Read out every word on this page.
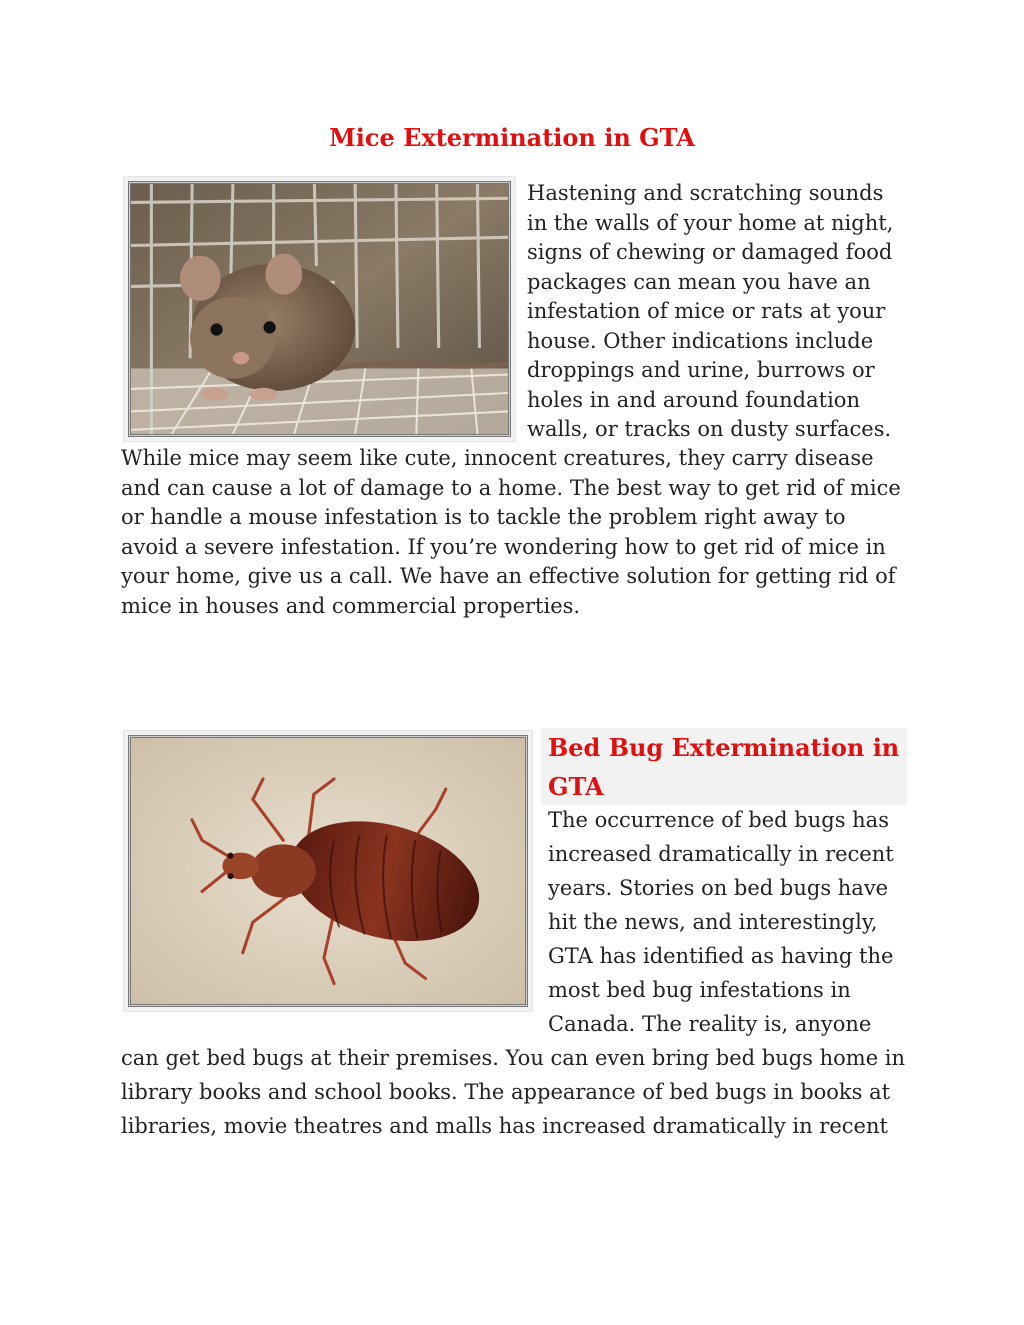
Mice Extermination in GTA

Hastening and scratching sounds
in the walls of your home at night,
signs of chewing or damaged food
packages can mean you have an
infestation of mice or rats at your
house. Other indications include
droppings and urine, burrows or
holes in and around foundation
walls, or tracks on dusty surfaces.

While mice may seem like cute, innocent creatures, they carry disease
and can cause a lot of damage to a home. The best way to get rid of mice
or handle a mouse infestation is to tackle the problem right away to
avoid a severe infestation. If you’re wondering how to get rid of mice in
your home, give us a call. We have an effective solution for getting rid of
mice in houses and commercial properties.

Bed Bug Extermination in
GTA

The occurrence of bed bugs has
increased dramatically in recent
years. Stories on bed bugs have
hit the news, and interestingly,
GTA has identified as having the
most bed bug infestations in
Canada. The reality is, anyone

can get bed bugs at their premises. You can even bring bed bugs home in
library books and school books. The appearance of bed bugs in books at
libraries, movie theatres and malls has increased dramatically in recent
